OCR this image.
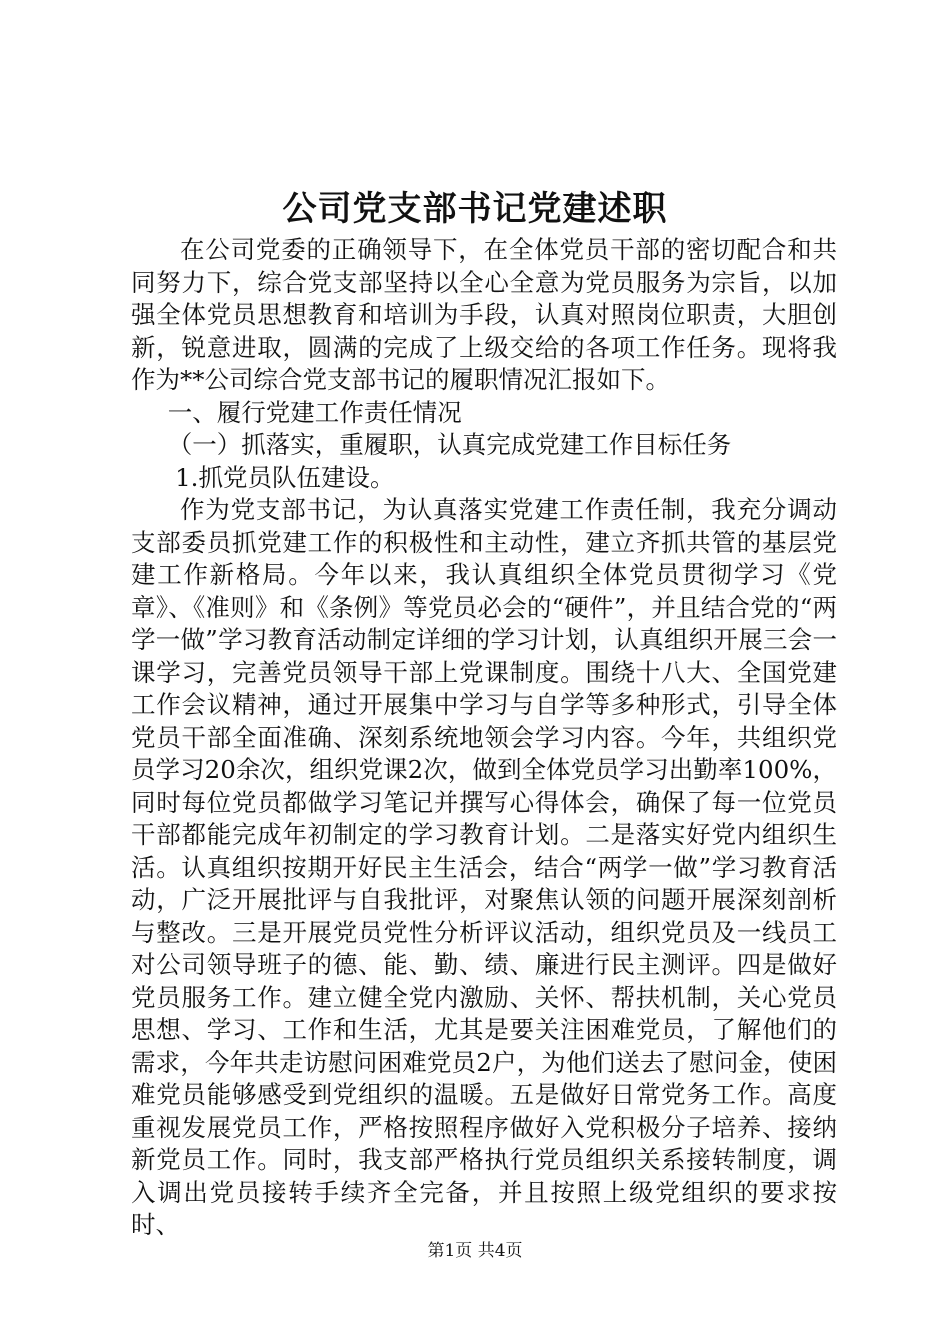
公司党支部书记党建述职

在公司党委的正确领导下，在全体党员干部的密切配合和共同努力下，综合党支部坚持以全心全意为党员服务为宗旨，以加强全体党员思想教育和培训为手段，认真对照岗位职责，大胆创新，锐意进取，圆满的完成了上级交给的各项工作任务。现将我作为**公司综合党支部书记的履职情况汇报如下。

一、履行党建工作责任情况

（一）抓落实，重履职，认真完成党建工作目标任务

1.抓党员队伍建设。

作为党支部书记，为认真落实党建工作责任制，我充分调动支部委员抓党建工作的积极性和主动性，建立齐抓共管的基层党建工作新格局。今年以来，我认真组织全体党员贯彻学习《党章》、《准则》和《条例》等党员必会的“硬件”，并且结合党的“两学一做”学习教育活动制定详细的学习计划，认真组织开展三会一课学习，完善党员领导干部上党课制度。围绕十八大、全国党建工作会议精神，通过开展集中学习与自学等多种形式，引导全体党员干部全面准确、深刻系统地领会学习内容。今年，共组织党员学习20余次，组织党课2次，做到全体党员学习出勤率100%，同时每位党员都做学习笔记并撰写心得体会，确保了每一位党员干部都能完成年初制定的学习教育计划。二是落实好党内组织生活。认真组织按期开好民主生活会，结合“两学一做”学习教育活动，广泛开展批评与自我批评，对聚焦认领的问题开展深刻剖析与整改。三是开展党员党性分析评议活动，组织党员及一线员工对公司领导班子的德、能、勤、绩、廉进行民主测评。四是做好党员服务工作。建立健全党内激励、关怀、帮扶机制，关心党员思想、学习、工作和生活，尤其是要关注困难党员，了解他们的需求，今年共走访慰问困难党员2户，为他们送去了慰问金，使困难党员能够感受到党组织的温暖。五是做好日常党务工作。高度重视发展党员工作，严格按照程序做好入党积极分子培养、接纳新党员工作。同时，我支部严格执行党员组织关系接转制度，调入调出党员接转手续齐全完备，并且按照上级党组织的要求按时、

第1页 共4页
